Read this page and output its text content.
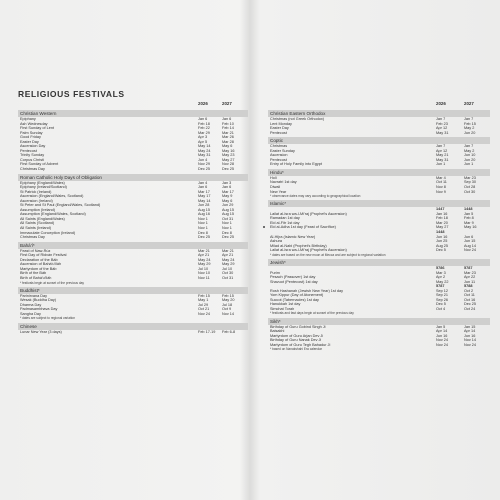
RELIGIOUS FESTIVALS
2026	2027
Christian Western
Epiphany	Jan 6	Jan 6
Ash Wednesday	Feb 18	Feb 10
First Sunday of Lent	Feb 22	Feb 14
Palm Sunday	Mar 29	Mar 21
Good Friday	Apr 3	Mar 26
Easter Day	Apr 5	Mar 28
Ascension Day	May 14	May 6
Pentecost	May 24	May 16
Trinity Sunday	May 31	May 23
Corpus Christi	Jun 4	May 27
First Sunday of Advent	Nov 29	Nov 28
Christmas Day	Dec 25	Dec 25
Roman Catholic Holy Days of Obligation
Epiphany (England/Wales)	Jan 4	Jan 3
Epiphany (Ireland/Scotland)	Jan 6	Jan 6
St Patrick (Ireland)	Mar 17	Mar 17
Ascension (England/Wales, Scotland)	May 17	May 9
Ascension (Ireland)	May 14	May 6
St Peter and St Paul (England/Wales, Scotland)	Jun 28	Jun 29
Assumption (Ireland)	Aug 15	Aug 15
Assumption (England/Wales, Scotland)	Aug 16	Aug 15
All Saints (England/Wales)	Nov 1	Oct 31
All Saints (Scotland)	Nov 1	Nov 1
All Saints (Ireland)	Nov 1	Nov 1
Immaculate Conception (Ireland)	Dec 8	Dec 8
Christmas Day	Dec 25	Dec 25
Bahá'í*
Feast of Naw-Rúz	Mar 21	Mar 21
First Day of Ridván Festival	Apr 21	Apr 21
Declaration of the Báb	May 24	May 24
Ascension of Bahá'u'lláh	May 29	May 29
Martyrdom of the Báb	Jul 10	Jul 10
Birth of the Báb	Nov 10	Oct 30
Birth of Bahá'u'lláh	Nov 11	Oct 31
* festivals begin at sunset of the previous day
Buddhist*
Parinirvana Day	Feb 15	Feb 15
Wesak (Buddha Day)	May 1	May 20
Dharma Day	Jul 29	Jul 18
Padmasambhava Day	Oct 21	Oct 9
Sangha Day	Nov 24	Nov 14
* dates are subject to regional variation
Chinese
Lunar New Year (3 days)	Feb 17-19 Feb 6-8
2026	2027
Christian Eastern Orthodox
Christmas (not Greek Orthodox)	Jan 7	Jan 7
Lent Monday	Feb 23	Feb 15
Easter Day	Apr 12	May 2
Pentecost	May 31	Jun 20
Coptic
Christmas	Jan 7	Jan 7
Easter Sunday	Apr 12	May 2
Ascension	May 21	Jun 10
Pentecost	May 31	Jun 20
Entry of Holy Family into Egypt	Jun 1	Jun 1
Hindu*
Holi	Mar 4	Mar 23
Navratri 1st day	Oct 11	Sep 30
Diwali	Nov 8	Oct 28
New Year	Nov 9	Oct 30
* observance dates may vary according to geographical location
Islamic*
1447	1448
Lailat al-Isra wa-l-Mi'raj (Prophet's Ascension)	Jan 16	Jan 5
Ramadan 1st day	Feb 18	Feb 8
Eid al-Fitr 1st day	Mar 20	Mar 9
Eid al-Adha 1st day (Feast of Sacrifice)	May 27	May 16
1448
Al-Hijra (Islamic New Year)	Jun 16	Jun 6
Ashura	Jun 25	Jun 15
Milad al-Nabi (Prophet's Birthday)	Aug 25	Aug 14
Lailat al-Isra wa-l-Mi'raj (Prophet's Ascension)	Dec 5	Nov 24
* dates are based on the new moon at Mecca and are subject to regional variation
Jewish*
5786	5787
Purim	Mar 3	Mar 23
Pesach (Passover) 1st day	Apr 2	Apr 22
Shavuot (Pentecost) 1st day	May 22	Jun 11
5787	5788
Rosh Hashanah (Jewish New Year) 1st day	Sep 12	Oct 2
Yom Kippur (Day of Atonement)	Sep 21	Oct 11
Succot (Tabernacles) 1st day	Sep 26	Oct 16
Hanukkah 1st day	Dec 5	Dec 25
Simchat Torah	Oct 4	Oct 24
* festivals and fast days begin at sunset of the previous day
Sikh*
Birthday of Guru Gobind Singh Ji	Jan 5	Jan 15
Baisakhi	Apr 14	Apr 14
Martyrdom of Guru Arjan Dev Ji	Jun 16	Jun 16
Birthday of Guru Nanak Dev Ji	Nov 24	Nov 14
Martyrdom of Guru Tegh Bahadur Ji	Nov 24	Nov 24
* based on Nanakshahi Era calendar
